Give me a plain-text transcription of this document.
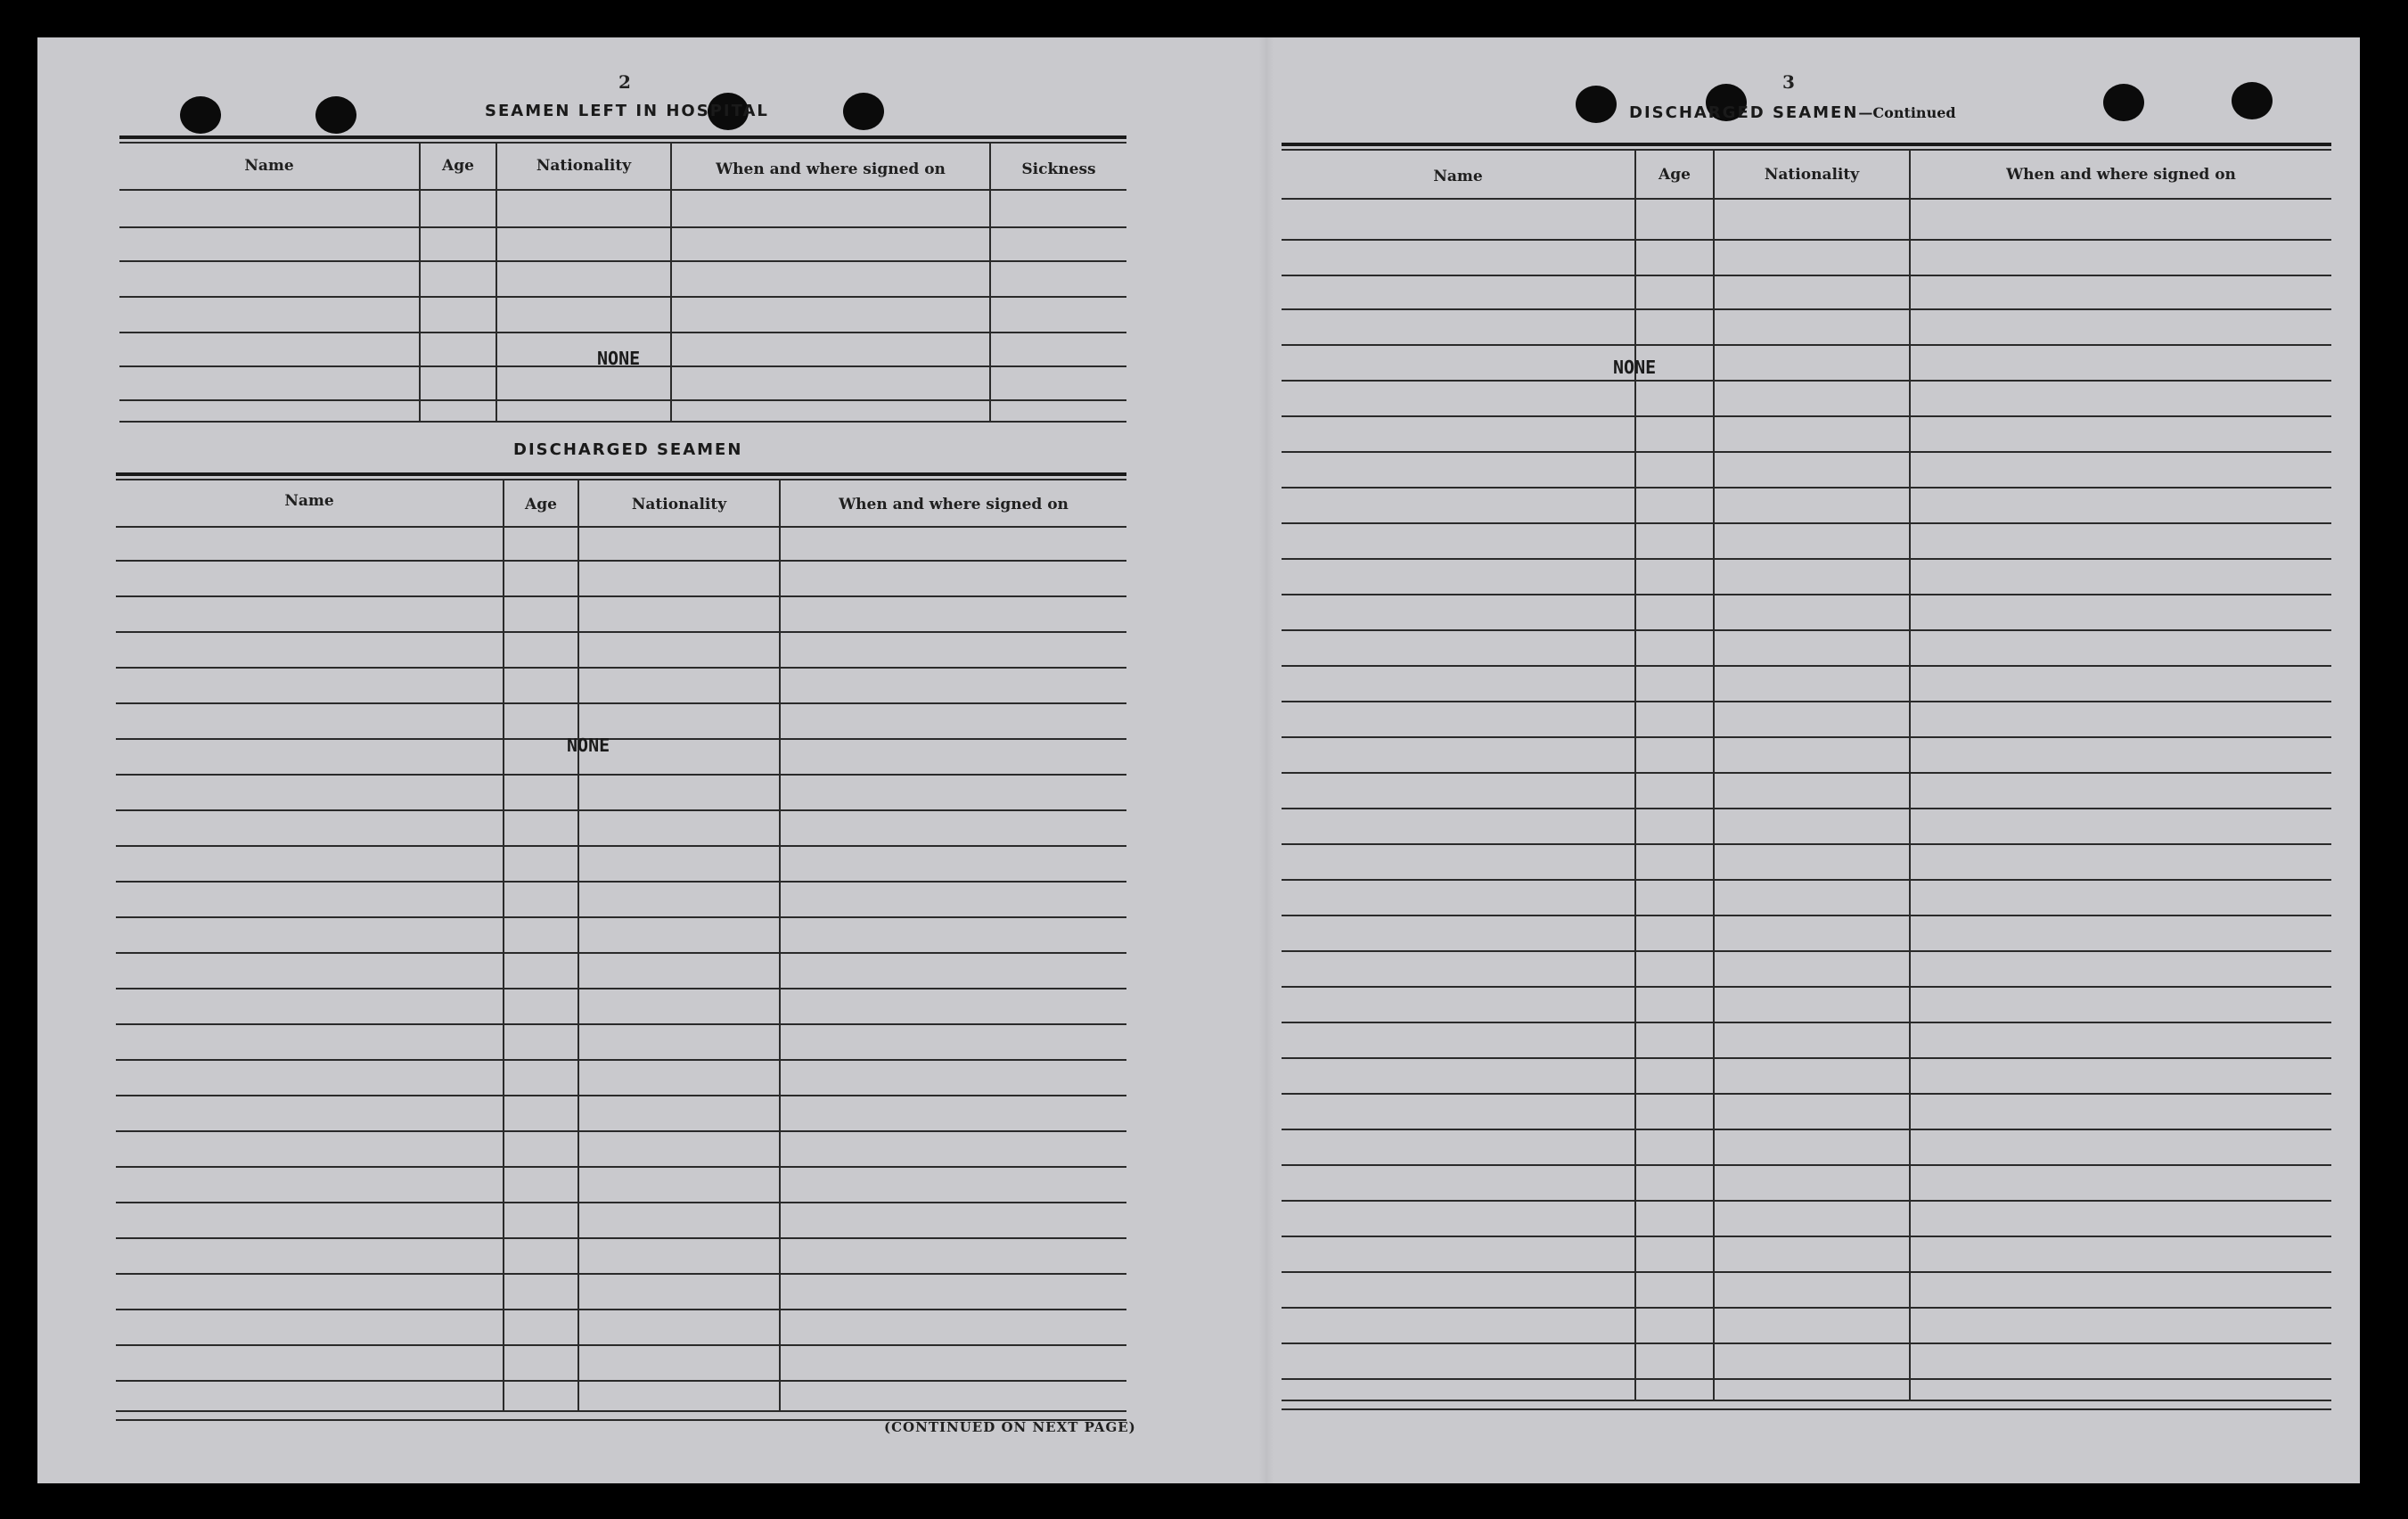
2
SEAMEN LEFT IN HOSPITAL
Name	Age	Nationality	When and where signed on	Sickness
NONE
DISCHARGED SEAMEN
Name	Age	Nationality	When and where signed on
NONE
(CONTINUED ON NEXT PAGE)
3
DISCHARGED SEAMEN—Continued
Name	Age	Nationality	When and where signed on
NONE
